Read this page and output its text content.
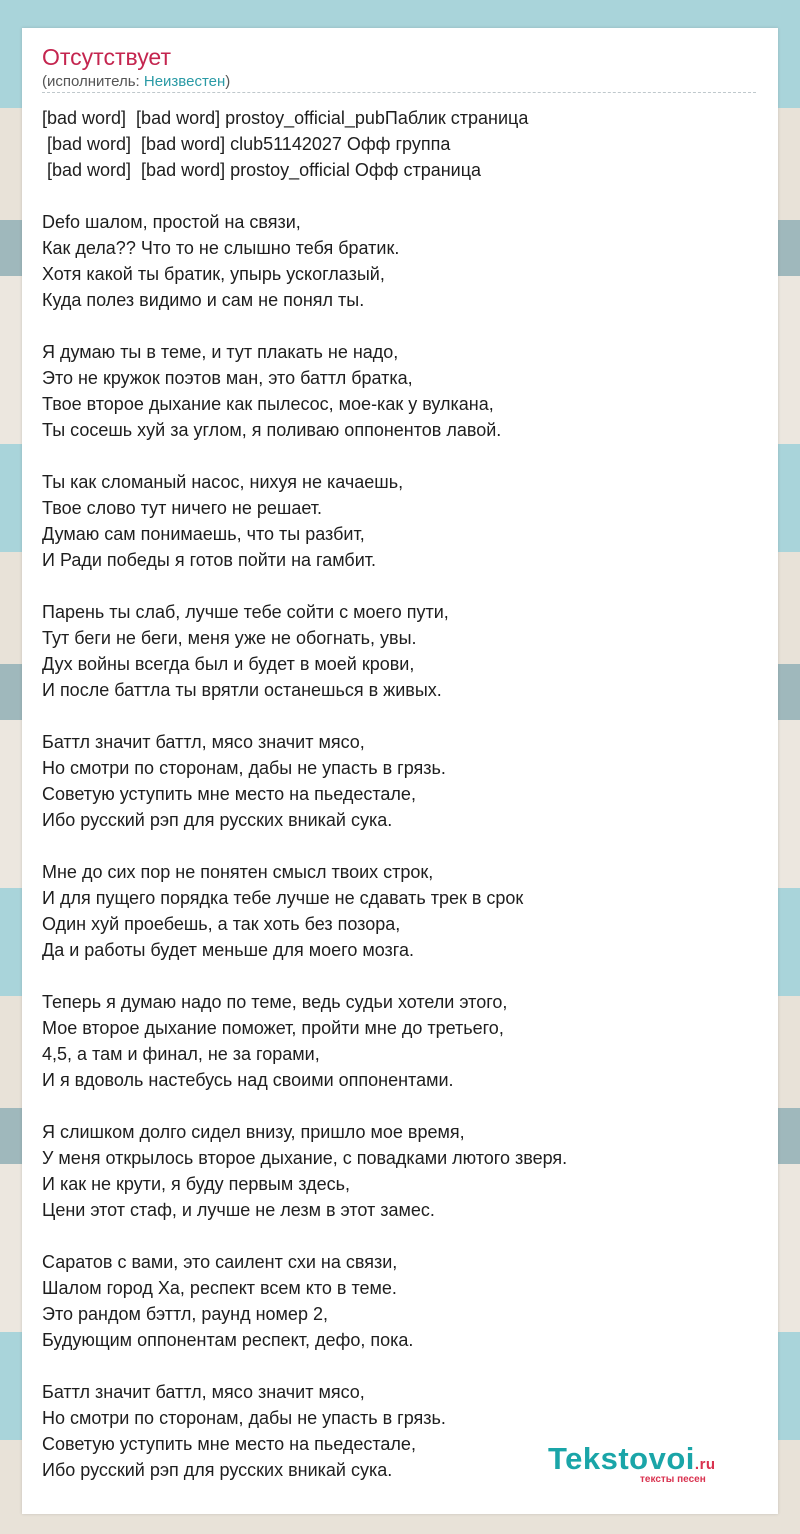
Отсутствует
(исполнитель: Неизвестен)
[bad word]  [bad word] prostoy_official_pubПаблик страница
[bad word]  [bad word] club51142027 Офф группа
[bad word]  [bad word] prostoy_official Офф страница
Defo шалом, простой на связи,
Как дела?? Что то не слышно тебя братик.
Хотя какой ты братик, упырь ускоглазый,
Куда полез видимо и сам не понял ты.
Я думаю ты в теме, и тут плакать не надо,
Это не кружок поэтов ман, это баттл братка,
Твое второе дыхание как пылесос, мое-как у вулкана,
Ты сосешь хуй за углом, я поливаю оппонентов лавой.
Ты как сломаный насос, нихуя не качаешь,
Твое слово тут ничего не решает.
Думаю сам понимаешь, что ты разбит,
И Ради победы я готов пойти на гамбит.
Парень ты слаб, лучше тебе сойти с моего пути,
Тут беги не беги, меня уже не обогнать, увы.
Дух войны всегда был и будет в моей крови,
И после баттла ты врятли останешься в живых.
Баттл значит баттл, мясо значит мясо,
Но смотри по сторонам, дабы не упасть в грязь.
Советую уступить мне место на пьедестале,
Ибо русский рэп для русских вникай сука.
Мне до сих пор не понятен смысл твоих строк,
И для пущего порядка тебе лучше не сдавать трек в срок
Один хуй проебешь, а так хоть без позора,
Да и работы будет меньше для моего мозга.
Теперь я думаю надо по теме, ведь судьи хотели этого,
Мое второе дыхание поможет, пройти мне до третьего,
4,5, а там и финал, не за горами,
И я вдоволь настебусь над своими оппонентами.
Я слишком долго сидел внизу, пришло мое время,
У меня открылось второе дыхание, с повадками лютого зверя.
И как не крути, я буду первым здесь,
Цени этот стаф, и лучше не лезм в этот замес.
Саратов с вами, это саилент схи на связи,
Шалом город Ха, респект всем кто в теме.
Это рандом бэттл, раунд номер 2,
Будующим оппонентам респект, дефо, пока.
Баттл значит баттл, мясо значит мясо,
Но смотри по сторонам, дабы не упасть в грязь.
Советую уступить мне место на пьедестале,
Ибо русский рэп для русских вникай сука.	Tekstovoi.ru
тексты песен
